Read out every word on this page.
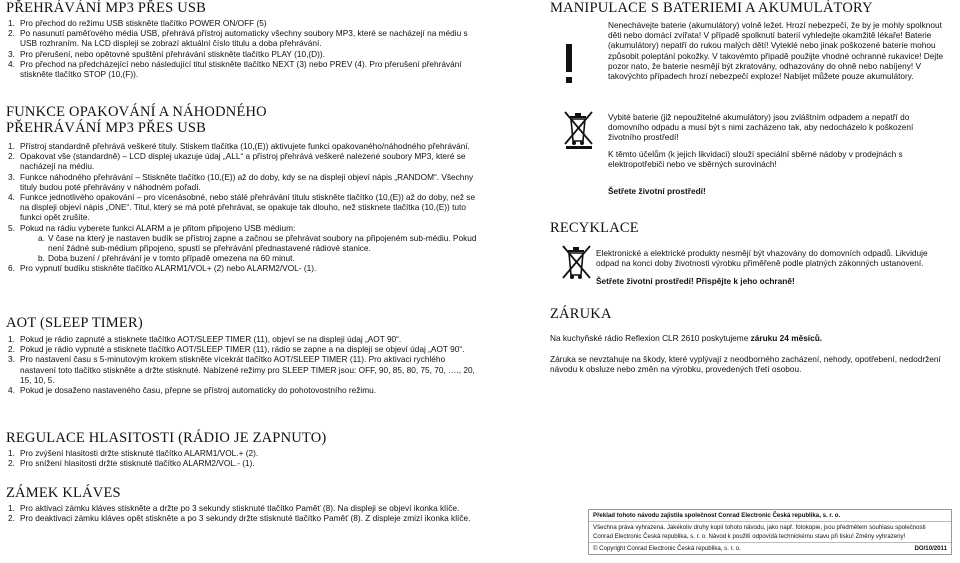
PŘEHRÁVÁNÍ MP3 PŘES USB
1. Pro přechod do režimu USB stiskněte tlačítko POWER ON/OFF (5)
2. Po nasunutí paměťového média USB, přehrává přístroj automaticky všechny soubory MP3, které se nacházejí na médiu s USB rozhraním. Na LCD displeji se zobrazí aktuální číslo titulu a doba přehrávání.
3. Pro přerušení, nebo opětovné spuštění přehrávání stiskněte tlačítko PLAY (10,(D)).
4. Pro přechod na předcházející nebo následující titul stiskněte tlačítko NEXT (3) nebo PREV (4). Pro přerušení přehrávání stiskněte tlačítko STOP (10,(F)).
FUNKCE OPAKOVÁNÍ A NÁHODNÉHO PŘEHRÁVÁNÍ MP3 PŘES USB
1. Přístroj standardně přehrává veškeré tituly. Stiskem tlačítka (10,(E)) aktivujete funkci opakovaného/náhodného přehrávání.
2. Opakovat vše (standardně) – LCD displej ukazuje údaj „ALL“ a přístroj přehrává veškeré nalezené soubory MP3, které se nacházejí na médiu.
3. Funkce náhodného přehrávání – Stiskněte tlačítko (10,(E)) až do doby, kdy se na displeji objeví nápis „RANDOM“. Všechny tituly budou poté přehrávány v náhodném pořadí.
4. Funkce jednotlivého opakování – pro vícenásobné, nebo stálé přehrávání titulu stiskněte tlačítko (10,(E)) až do doby, než se na displeji objeví nápis „ONE“. Titul, který se má poté přehrávat, se opakuje tak dlouho, než stisknete tlačítka (10,(E)) tuto funkci opět zrušíte.
5. Pokud na rádiu vyberete funkci ALARM a je přitom připojeno USB médium:
a. V čase na který je nastaven budík se přístroj zapne a začnou se přehrávat soubory na připojeném sub-médiu. Pokud není žádné sub-médium připojeno, spustí se přehrávání přednastavené rádiové stanice.
b. Doba buzení / přehrávání je v tomto případě omezena na 60 minut.
6. Pro vypnutí budíku stiskněte tlačítko ALARM1/VOL+ (2) nebo ALARM2/VOL- (1).
AOT (SLEEP TIMER)
1. Pokud je rádio zapnuté a stisknete tlačítko AOT/SLEEP TIMER (11), objeví se na displeji údaj „AOT 90“.
2. Pokud je rádio vypnuté a stisknete tlačítko AOT/SLEEP TIMER (11), rádio se zapne a na displeji se objeví údaj „AOT 90“.
3. Pro nastavení času s 5-minutovým krokem stiskněte vícekrát tlačítko AOT/SLEEP TIMER (11). Pro aktivaci rychlého nastavení toto tlačítko stiskněte a držte stisknuté. Nabízené režimy pro SLEEP TIMER jsou: OFF, 90, 85, 80, 75, 70, …., 20, 15, 10, 5.
4. Pokud je dosaženo nastaveného času, přepne se přístroj automaticky do pohotovostního režimu.
REGULACE HLASITOSTI (RÁDIO JE ZAPNUTO)
1. Pro zvýšení hlasitosti držte stisknuté tlačítko ALARM1/VOL.+ (2).
2. Pro snížení hlasitosti držte stisknuté tlačítko ALARM2/VOL.- (1).
ZÁMEK KLÁVES
1. Pro aktivaci zámku kláves stiskněte a držte po 3 sekundy stisknuté tlačítko Paměť (8). Na displeji se objeví ikonka klíče.
2. Pro deaktivaci zámku kláves opět stiskněte a po 3 sekundy držte stisknuté tlačítko Paměť (8). Z displeje zmizí ikonka klíče.
MANIPULACE S BATERIEMI A AKUMULÁTORY

Nenechávejte baterie (akumulátory) volně ležet. Hrozí nebezpečí, že by je mohly spolknout děti nebo domácí zvířata! V případě spolknutí baterií vyhledejte okamžitě lékaře! Baterie (akumulátory) nepatří do rukou malých dětí! Vyteklé nebo jinak poškozené baterie mohou způsobit poleptání pokožky. V takovémto případě použijte vhodné ochranné rukavice! Dejte pozor nato, že baterie nesmějí být zkratovány, odhazovány do ohně nebo nabíjeny! V takovýchto případech hrozí nebezpečí exploze! Nabíjet můžete pouze akumulátory.

Vybité baterie (již nepoužitelné akumulátory) jsou zvláštním odpadem a nepatří do domovního odpadu a musí být s nimi zacházeno tak, aby nedocházelo k poškození životního prostředí!

K těmto účelům (k jejich likvidaci) slouží speciální sběrné nádoby v prodejnách s elektropotřebiči nebo ve sběrných surovinách!

Šetřete životní prostředí!

RECYKLACE

Elektronické a elektrické produkty nesmějí být vhazovány do domovních odpadů. Likviduje odpad na konci doby životnosti výrobku přiměřeně podle platných zákonných ustanovení.

Šetřete životní prostředí! Přispějte k jeho ochraně!

ZÁRUKA

Na kuchyňské rádio Reflexion CLR 2610 poskytujeme záruku 24 měsíců.

Záruka se nevztahuje na škody, které vyplývají z neodborného zacházení, nehody, opotřebení, nedodržení návodu k obsluze nebo změn na výrobku, provedených třetí osobou.

Překlad tohoto návodu zajistila společnost Conrad Electronic Česká republika, s. r. o.
Všechna práva vyhrazena. Jakékoliv druhy kopií tohoto návodu, jako např. fotokopie, jsou předmětem souhlasu společnosti Conrad Electronic Česká republika, s. r. o. Návod k použití odpovídá technickému stavu při tisku! Změny vyhrazeny!
© Copyright Conrad Electronic Česká republika, s. r. o.	DO/10/2011
